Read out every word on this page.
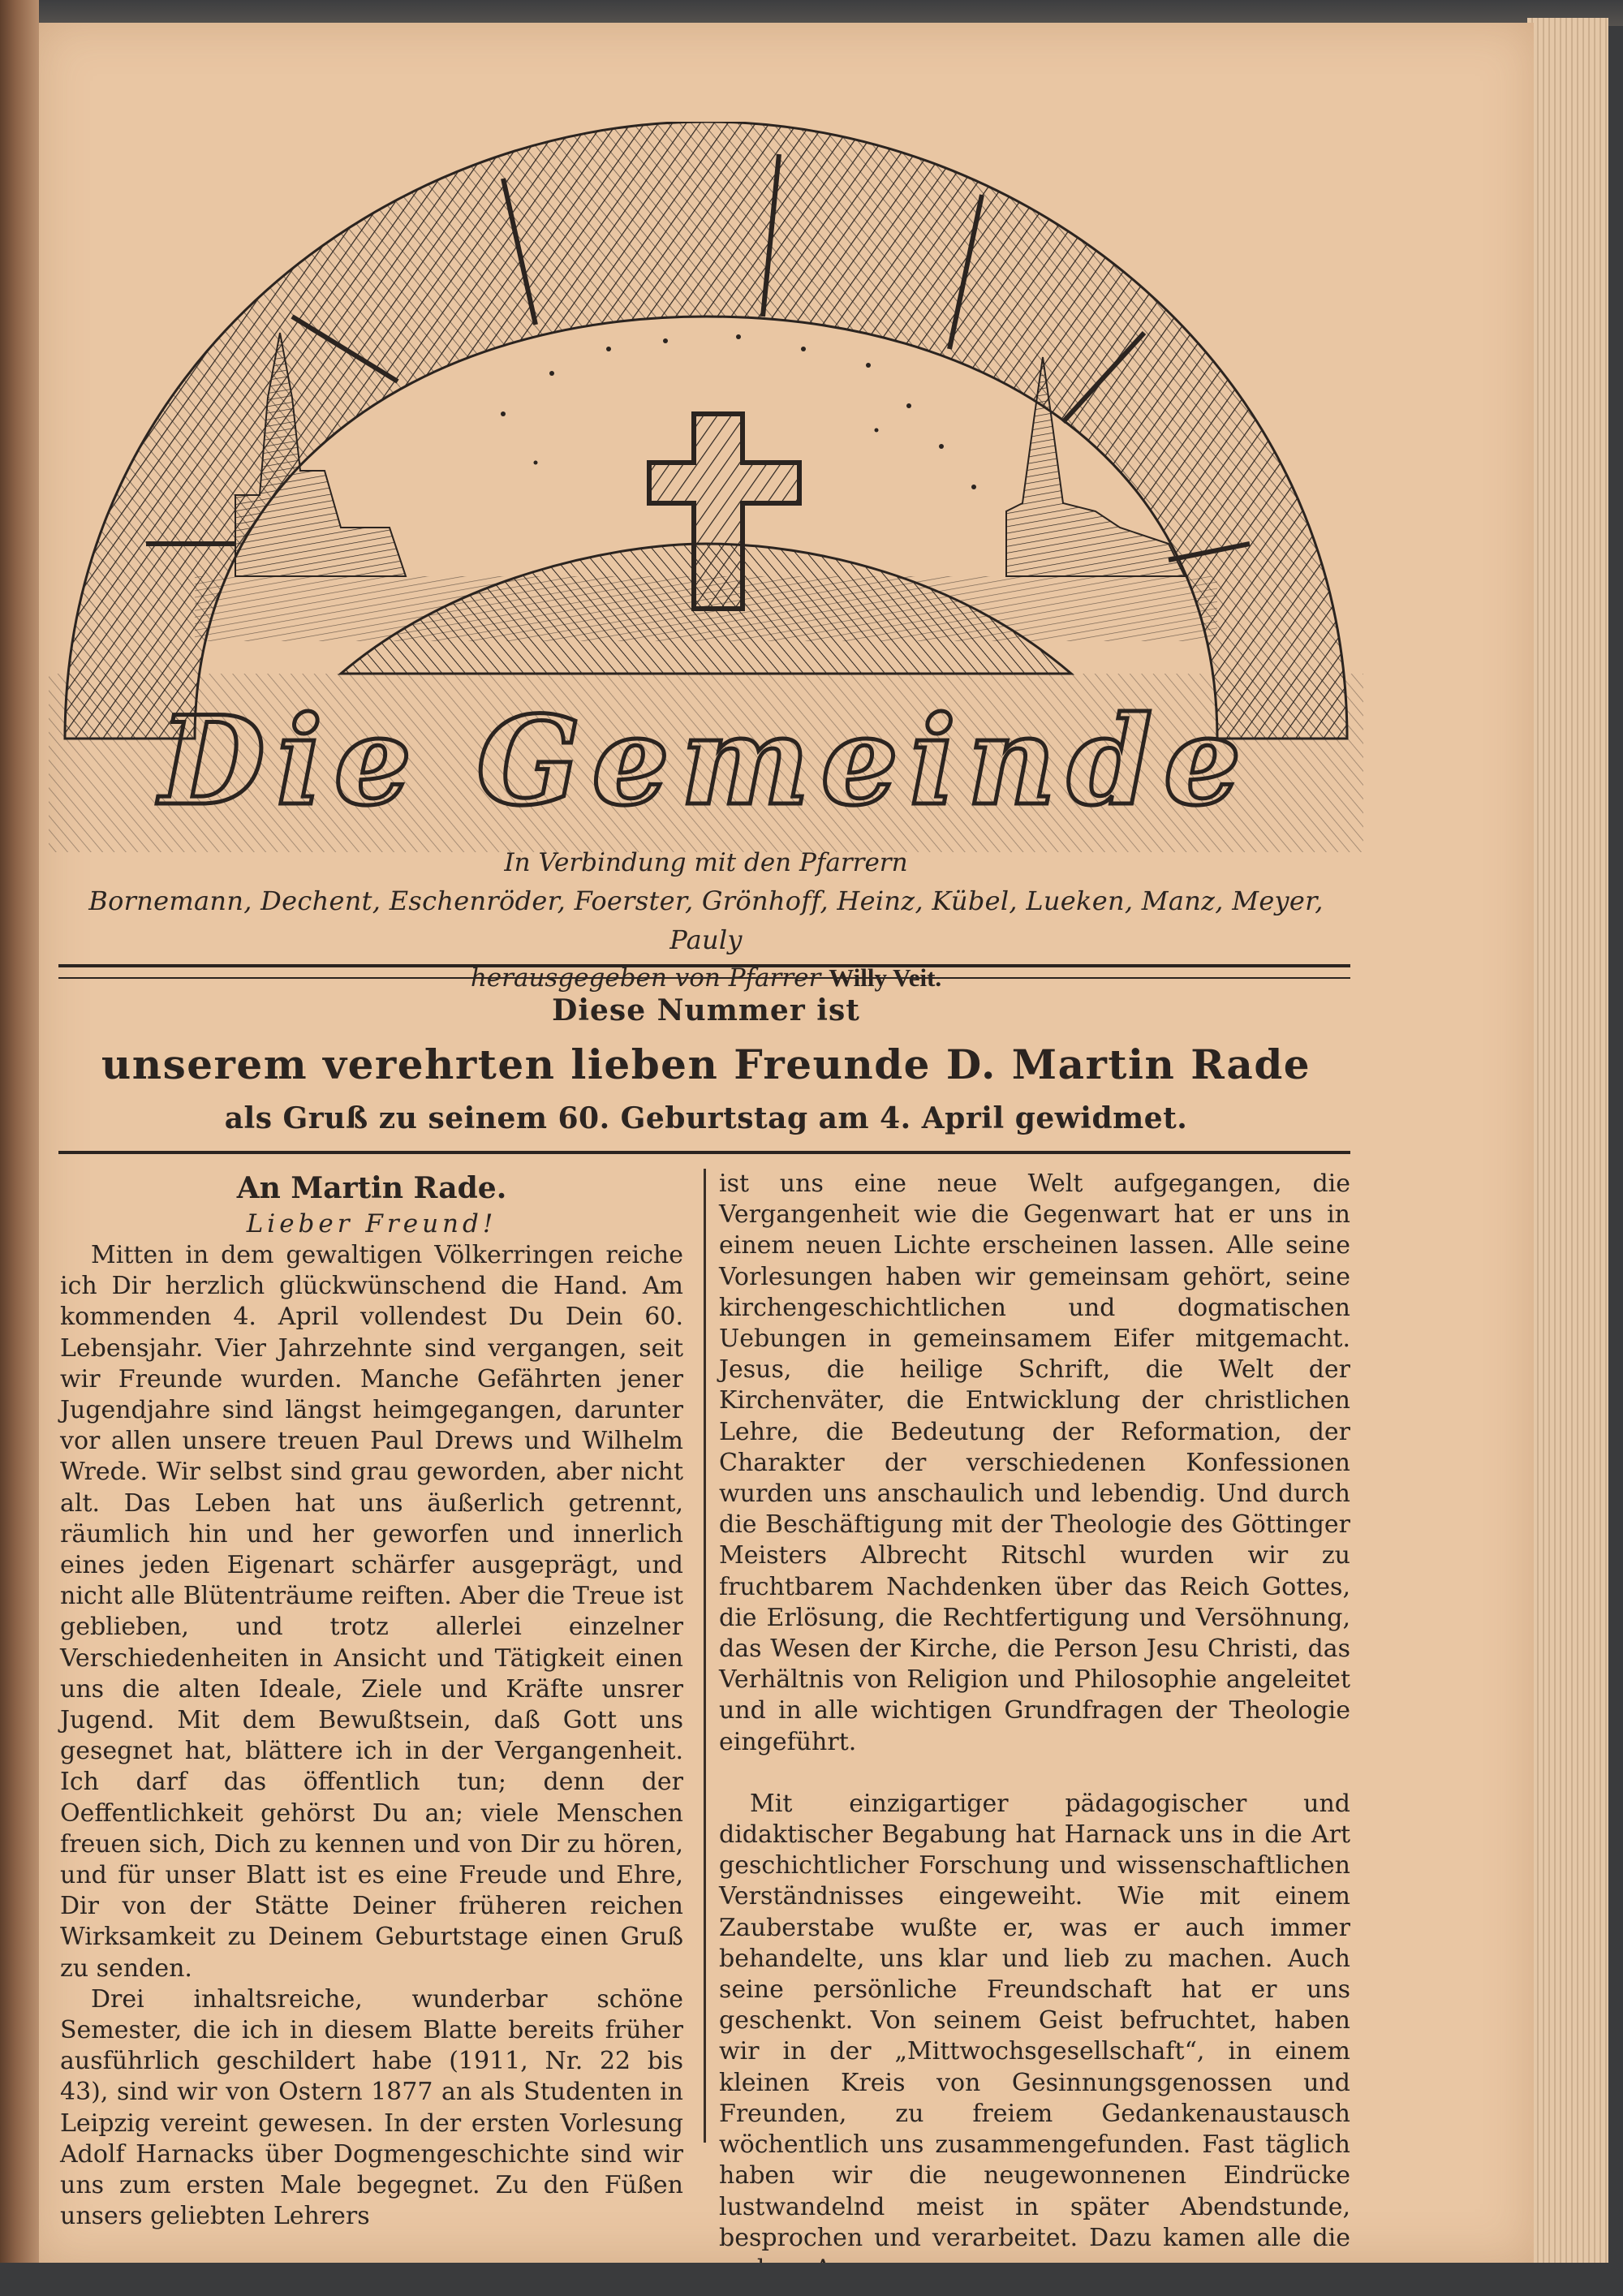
Die Gemeinde
In Verbindung mit den Pfarrern
Bornemann, Dechent, Eschenröder, Foerster, Grönhoff, Heinz, Kübel, Lueken, Manz, Meyer, Pauly
herausgegeben von Pfarrer Willy Veit.
Diese Nummer ist
unserem verehrten lieben Freunde D. Martin Rade
als Gruß zu seinem 60. Geburtstag am 4. April gewidmet.

An Martin Rade.

Lieber Freund!

Mitten in dem gewaltigen Völkerringen reiche ich Dir herzlich glückwünschend die Hand. Am kommenden 4. April vollendest Du Dein 60. Lebensjahr. Vier Jahrzehnte sind vergangen, seit wir Freunde wurden. Manche Gefährten jener Jugendjahre sind längst heimgegangen, darunter vor allen unsere treuen Paul Drews und Wilhelm Wrede. Wir selbst sind grau geworden, aber nicht alt. Das Leben hat uns äußerlich getrennt, räumlich hin und her geworfen und innerlich eines jeden Eigenart schärfer ausgeprägt, und nicht alle Blütenträume reiften. Aber die Treue ist geblieben, und trotz allerlei einzelner Verschiedenheiten in Ansicht und Tätigkeit einen uns die alten Ideale, Ziele und Kräfte unsrer Jugend. Mit dem Bewußtsein, daß Gott uns gesegnet hat, blättere ich in der Vergangenheit. Ich darf das öffentlich tun; denn der Oeffentlichkeit gehörst Du an; viele Menschen freuen sich, Dich zu kennen und von Dir zu hören, und für unser Blatt ist es eine Freude und Ehre, Dir von der Stätte Deiner früheren reichen Wirksamkeit zu Deinem Geburtstage einen Gruß zu senden.

Drei inhaltsreiche, wunderbar schöne Semester, die ich in diesem Blatte bereits früher ausführlich geschildert habe (1911, Nr. 22 bis 43), sind wir von Ostern 1877 an als Studenten in Leipzig vereint gewesen. In der ersten Vorlesung Adolf Harnacks über Dogmengeschichte sind wir uns zum ersten Male begegnet. Zu den Füßen unsers geliebten Lehrers

ist uns eine neue Welt aufgegangen, die Vergangenheit wie die Gegenwart hat er uns in einem neuen Lichte erscheinen lassen. Alle seine Vorlesungen haben wir gemeinsam gehört, seine kirchengeschichtlichen und dogmatischen Uebungen in gemeinsamem Eifer mitgemacht. Jesus, die heilige Schrift, die Welt der Kirchenväter, die Entwicklung der christlichen Lehre, die Bedeutung der Reformation, der Charakter der verschiedenen Konfessionen wurden uns anschaulich und lebendig. Und durch die Beschäftigung mit der Theologie des Göttinger Meisters Albrecht Ritschl wurden wir zu fruchtbarem Nachdenken über das Reich Gottes, die Erlösung, die Rechtfertigung und Versöhnung, das Wesen der Kirche, die Person Jesu Christi, das Verhältnis von Religion und Philosophie angeleitet und in alle wichtigen Grundfragen der Theologie eingeführt.

Mit einzigartiger pädagogischer und didaktischer Begabung hat Harnack uns in die Art geschichtlicher Forschung und wissenschaftlichen Verständnisses eingeweiht. Wie mit einem Zauberstabe wußte er, was er auch immer behandelte, uns klar und lieb zu machen. Auch seine persönliche Freundschaft hat er uns geschenkt. Von seinem Geist befruchtet, haben wir in der „Mittwochsgesellschaft“, in einem kleinen Kreis von Gesinnungsgenossen und Freunden, zu freiem Gedankenaustausch wöchentlich uns zusammengefunden. Fast täglich haben wir die neugewonnenen Eindrücke lustwandelnd meist in später Abendstunde, besprochen und verarbeitet. Dazu kamen alle die
